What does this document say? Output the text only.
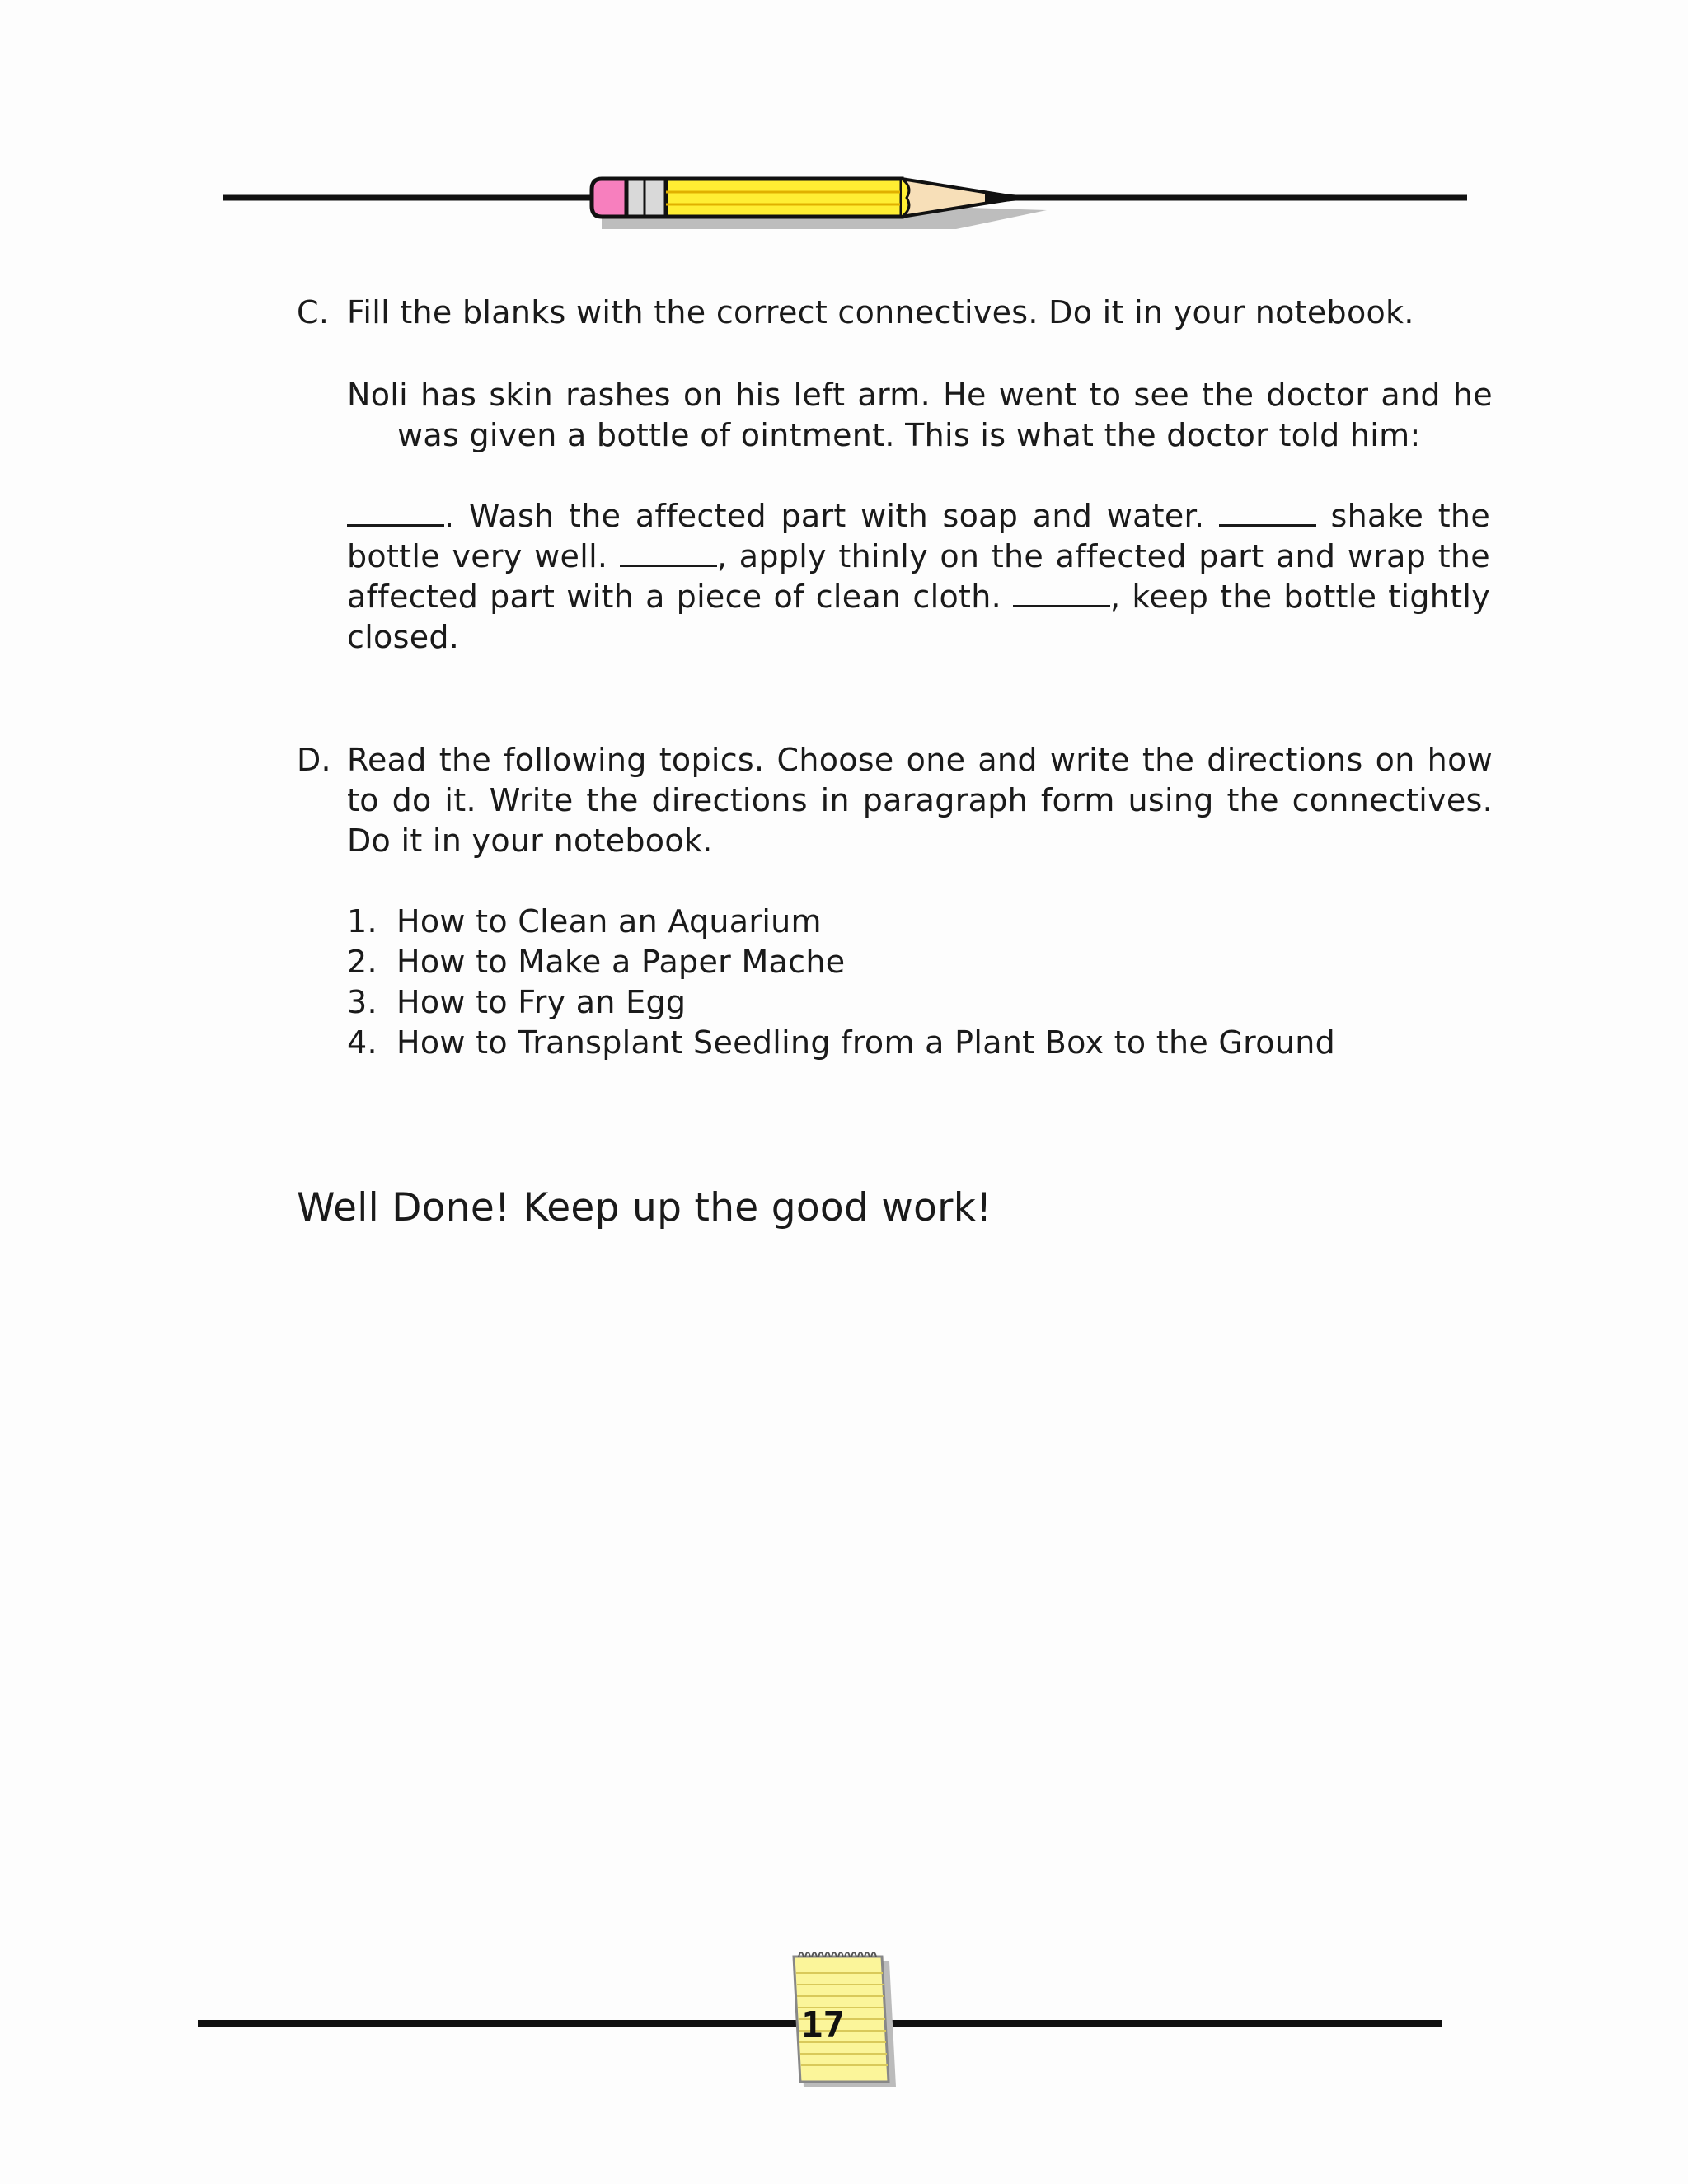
C. Fill the blanks with the correct connectives. Do it in your notebook.
Noli has skin rashes on his left arm. He went to see the doctor and he
was given a bottle of ointment. This is what the doctor told him:
. Wash the affected part with soap and water.	shake the bottle very well.	, apply thinly on the affected part and wrap the affected part with a piece of clean cloth.	, keep the bottle tightly closed.
D. Read the following topics. Choose one and write the directions on how to do it. Write the directions in paragraph form using the connectives. Do it in your notebook.
1. How to Clean an Aquarium
2. How to Make a Paper Mache
3. How to Fry an Egg
4. How to Transplant Seedling from a Plant Box to the Ground
Well Done! Keep up the good work!
17
